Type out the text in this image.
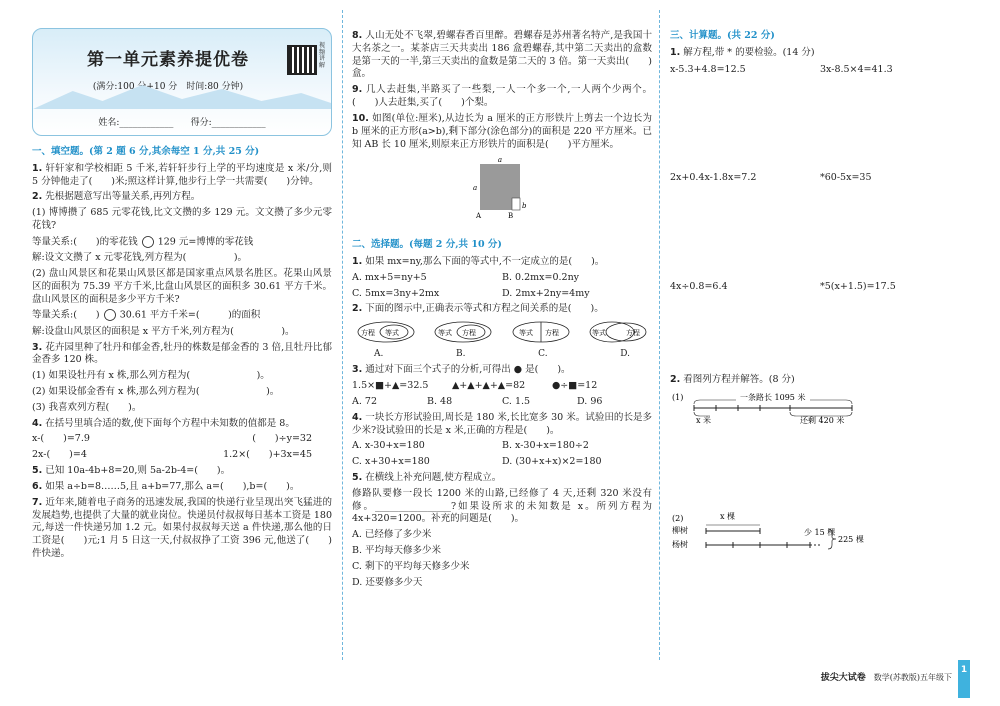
第一单元素养提优卷
(满分:100 分+10 分　时间:80 分钟)
视频讲解
姓名:____________ 得分:____________
一、填空题。(第 2 题 6 分,其余每空 1 分,共 25 分)

1. 轩轩家和学校相距 5 千米,若轩轩步行上学的平均速度是 x 米/分,则 5 分钟他走了(　　)米;照这样计算,他步行上学一共需要(　　)分钟。

2. 先根据题意写出等量关系,再列方程。

(1) 博博攒了 685 元零花钱,比文文攒的多 129 元。文文攒了多少元零花钱?

等量关系:(　　)的零花钱 129 元=博博的零花钱

解:设文文攒了 x 元零花钱,列方程为(　　　　　)。

(2) 盘山风景区和花果山风景区都是国家重点风景名胜区。花果山风景区的面积为 75.39 平方千米,比盘山风景区的面积多 30.61 平方千米。盘山风景区的面积是多少平方千米?

等量关系:(　　) 30.61 平方千米=(　　　)的面积

解:设盘山风景区的面积是 x 平方千米,列方程为(　　　　　)。

3. 花卉园里种了牡丹和郁金香,牡丹的株数是郁金香的 3 倍,且牡丹比郁金香多 120 株。

(1) 如果设牡丹有 x 株,那么列方程为(　　　　　　　)。

(2) 如果设郁金香有 x 株,那么列方程为(　　　　　　　)。

(3) 我喜欢列方程(　　)。

4. 在括号里填合适的数,使下面每个方程中未知数的值都是 8。

x-(　　)=7.9	(　　)÷y=32
2x-(　　)=4	1.2×(　　)+3x=45

5. 已知 10a-4b+8=20,则 5a-2b-4=(　　)。

6. 如果 a÷b=8……5,且 a+b=77,那么 a=(　　),b=(　　)。

7. 近年来,随着电子商务的迅速发展,我国的快递行业呈现出突飞猛进的发展趋势,也提供了大量的就业岗位。快递员付叔叔每日基本工资是 180 元,每送一件快递另加 1.2 元。如果付叔叔每天送 a 件快递,那么他的日工资是(　　)元;1 月 5 日这一天,付叔叔挣了工资 396 元,他送了(　　)件快递。

8. 人山无处不飞翠,碧螺春香百里醉。碧螺春是苏州著名特产,是我国十大名茶之一。某茶店三天共卖出 186 盒碧螺春,其中第二天卖出的盒数是第一天的一半,第三天卖出的盒数是第二天的 3 倍。第一天卖出(　　)盒。

9. 几人去赶集,半路买了一些梨,一人一个多一个,一人两个少两个。(　　)人去赶集,买了(　　)个梨。

10. 如图(单位:厘米),从边长为 a 厘米的正方形铁片上剪去一个边长为 b 厘米的正方形(a>b),剩下部分(涂色部分)的面积是 220 平方厘米。已知 AB 长 10 厘米,则原来正方形铁片的面积是(　　)平方厘米。

a
a
b
A	B
二、选择题。(每题 2 分,共 10 分)

1. 如果 mx=ny,那么下面的等式中,不一定成立的是(　　)。

A. mx+5=ny+5	B. 0.2mx=0.2ny
C. 5mx=3ny+2mx	D. 2mx+2ny=4my

2. 下面的图示中,正确表示等式和方程之间关系的是(　　)。

方程 等式	等式 方程	等式 方程	等式	方程
A.	B.	C.	D.

3. 通过对下面三个式子的分析,可得出 ● 是(　　)。

1.5×■+▲=32.5	▲+▲+▲+▲=82	●÷■=12
A. 72	B. 48	C. 1.5	D. 96

4. 一块长方形试验田,周长是 180 米,长比宽多 30 米。试验田的长是多少米?设试验田的长是 x 米,正确的方程是(　　)。

A. x-30+x=180	B. x-30+x=180÷2
C. x+30+x=180	D. (30+x+x)×2=180

5. 在横线上补充问题,使方程成立。

修路队要修一段长 1200 米的山路,已经修了 4 天,还剩 320 米没有修。________________?如果设所求的未知数是 x。所列方程为 4x+320=1200。补充的问题是(　　)。

A. 已经修了多少米

B. 平均每天修多少米

C. 剩下的平均每天修多少米

D. 还要修多少天

三、计算题。(共 22 分)

1. 解方程,带 * 的要检验。(14 分)

x-5.3+4.8=12.5	3x-8.5×4=41.3
2x+0.4x-1.8x=7.2	*60-5x=35
4x÷0.8=6.4	*5(x+1.5)=17.5

2. 看图列方程并解答。(8 分)

(1)	一条路长 1095 米
x 米	还剩 420 米
(2)	x 棵
柳树
杨树
少 15 棵
225 棵
拔尖大试卷 数学(苏教版)五年级下
1
